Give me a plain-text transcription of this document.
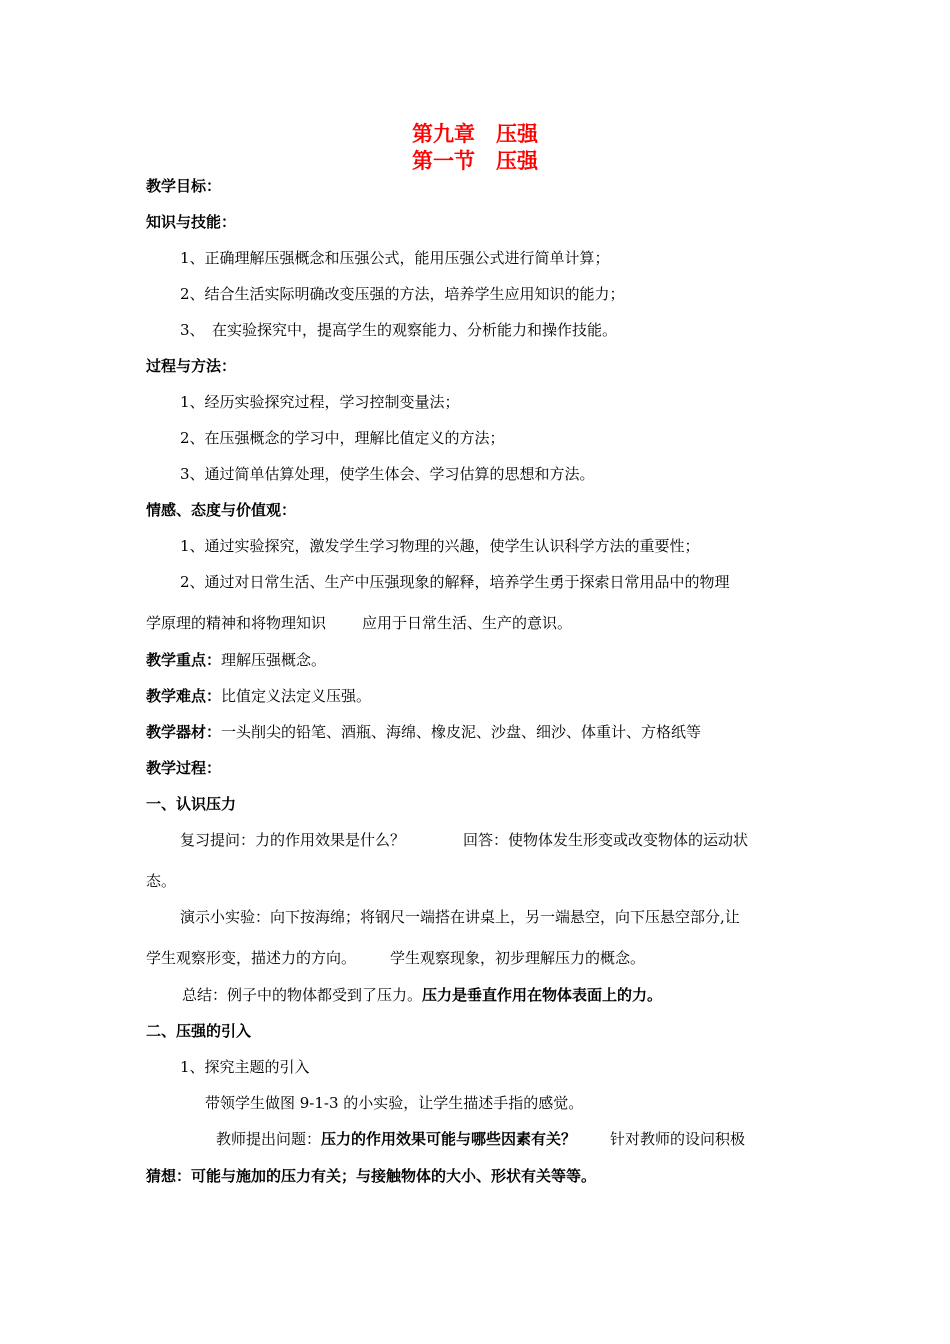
第九章　压强
第一节　压强
教学目标：
知识与技能：
1、正确理解压强概念和压强公式，能用压强公式进行简单计算；
2、结合生活实际明确改变压强的方法，培养学生应用知识的能力；
3、　在实验探究中，提高学生的观察能力、分析能力和操作技能。
过程与方法：
1、经历实验探究过程，学习控制变量法；
2、在压强概念的学习中，理解比值定义的方法；
3、通过简单估算处理，使学生体会、学习估算的思想和方法。
情感、态度与价值观：
1、通过实验探究，激发学生学习物理的兴趣，使学生认识科学方法的重要性；
2、通过对日常生活、生产中压强现象的解释，培养学生勇于探索日常用品中的物理
学原理的精神和将物理知识 应用于日常生活、生产的意识。
教学重点：理解压强概念。
教学难点：比值定义法定义压强。
教学器材：一头削尖的铅笔、酒瓶、海绵、橡皮泥、沙盘、细沙、体重计、方格纸等
教学过程：
一、认识压力
复习提问：力的作用效果是什么？	回答：使物体发生形变或改变物体的运动状
态。
演示小实验：向下按海绵；将钢尺一端搭在讲桌上，另一端悬空，向下压悬空部分,让
学生观察形变，描述力的方向。 学生观察现象，初步理解压力的概念。
总结：例子中的物体都受到了压力。压力是垂直作用在物体表面上的力。
二、压强的引入
1、探究主题的引入
带领学生做图 9-1-3 的小实验，让学生描述手指的感觉。
教师提出问题：压力的作用效果可能与哪些因素有关？ 针对教师的设问积极
猜想：可能与施加的压力有关；与接触物体的大小、形状有关等等。
